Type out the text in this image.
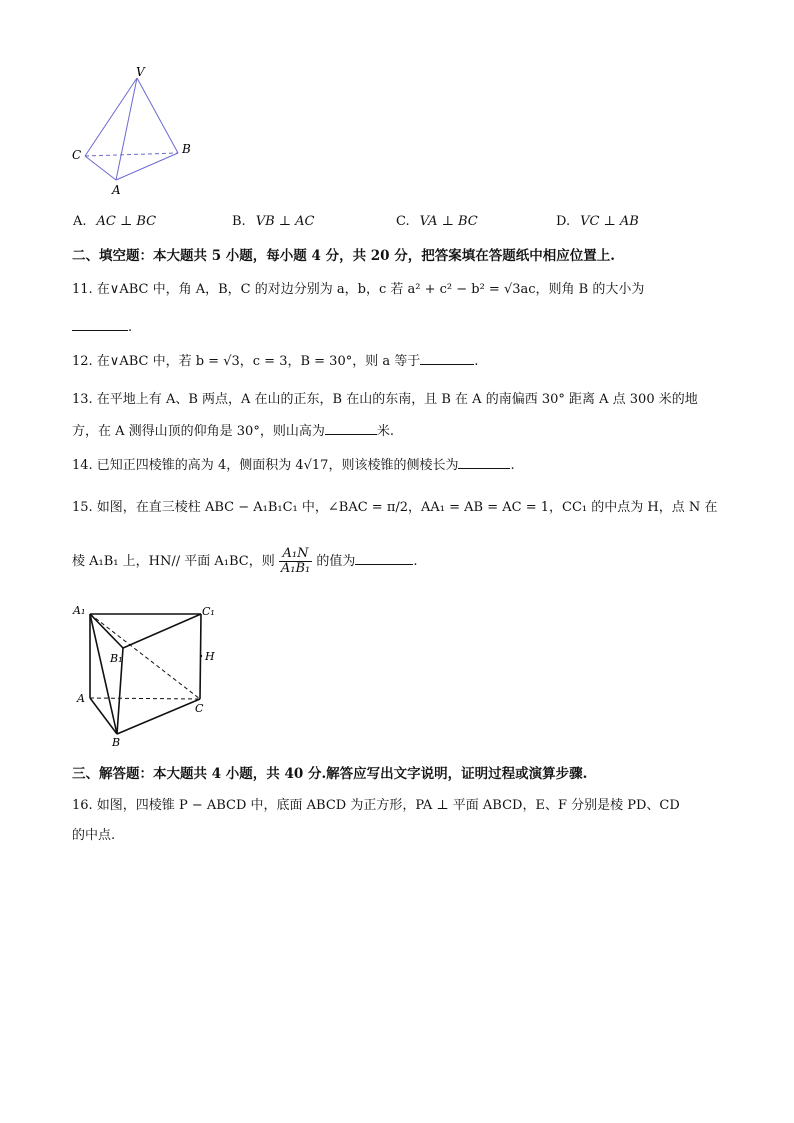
V
C	B
A
A. AC ⊥ BC	B. VB ⊥ AC	C. VA ⊥ BC	D. VC ⊥ AB
二、填空题：本大题共 5 小题，每小题 4 分，共 20 分，把答案填在答题纸中相应位置上.
11. 在∨ABC 中，角 A，B，C 的对边分别为 a，b，c 若 a² + c² − b² = √3ac，则角 B 的大小为
.
12. 在∨ABC 中，若 b = √3，c = 3，B = 30°，则 a 等于	.
13. 在平地上有 A、B 两点，A 在山的正东，B 在山的东南，且 B 在 A 的南偏西 30° 距离 A 点 300 米的地
方，在 A 测得山顶的仰角是 30°，则山高为	米.
14. 已知正四棱锥的高为 4，侧面积为 4√17，则该棱锥的侧棱长为	.
15. 如图，在直三棱柱 ABC − A₁B₁C₁ 中，∠BAC = π/2，AA₁ = AB = AC = 1，CC₁ 的中点为 H，点 N 在
棱 A₁B₁ 上，HN// 平面 A₁BC，则 $\frac{\text{A₁N}}{\text{A₁B₁}}$ 的值为	.
A₁	C₁
B₁	H
A
C
B
三、解答题：本大题共 4 小题，共 40 分.解答应写出文字说明，证明过程或演算步骤.
16. 如图，四棱锥 P − ABCD 中，底面 ABCD 为正方形，PA ⊥ 平面 ABCD，E、F 分别是棱 PD、CD
的中点.
